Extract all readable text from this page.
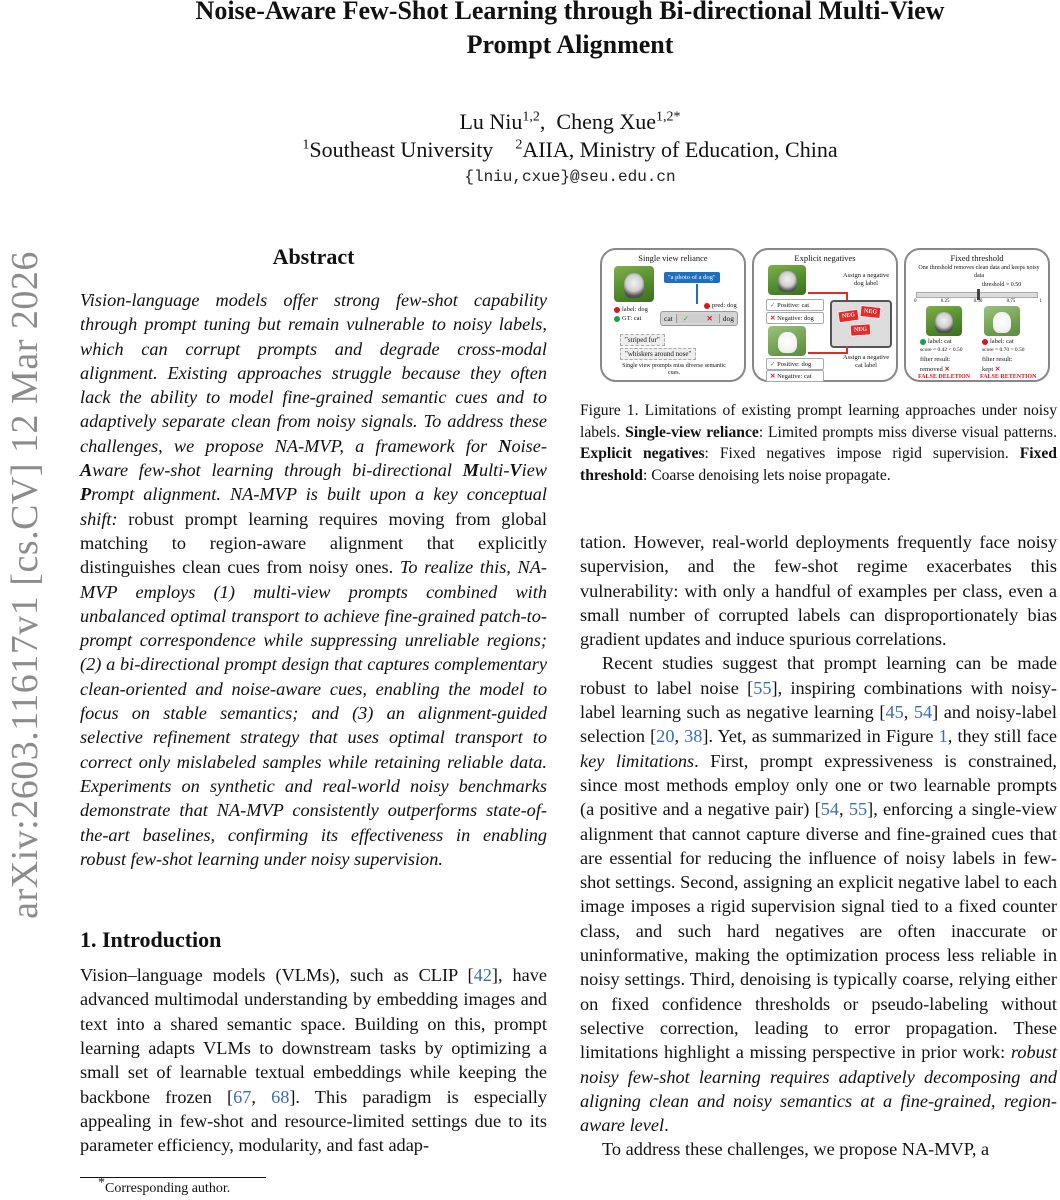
arXiv:2603.11617v1 [cs.CV] 12 Mar 2026
Noise-Aware Few-Shot Learning through Bi-directional Multi-View
Prompt Alignment
Lu Niu$^{1,2}$,  Cheng Xue$^{1,2*}$
$^1$Southeast University $^2$AIIA, Ministry of Education, China
{lniu,cxue}@seu.edu.cn
Abstract

Vision-language models offer strong few-shot capability through prompt tuning but remain vulnerable to noisy labels, which can corrupt prompts and degrade cross-modal alignment. Existing approaches struggle because they often lack the ability to model fine-grained semantic cues and to adaptively separate clean from noisy signals. To address these challenges, we propose NA-MVP, a framework for Noise-Aware few-shot learning through bi-directional Multi-View Prompt alignment. NA-MVP is built upon a key conceptual shift: robust prompt learning requires moving from global matching to region-aware alignment that explicitly distinguishes clean cues from noisy ones. To realize this, NA-MVP employs (1) multi-view prompts combined with unbalanced optimal transport to achieve fine-grained patch-to-prompt correspondence while suppressing unreliable regions; (2) a bi-directional prompt design that captures complementary clean-oriented and noise-aware cues, enabling the model to focus on stable semantics; and (3) an alignment-guided selective refinement strategy that uses optimal transport to correct only mislabeled samples while retaining reliable data. Experiments on synthetic and real-world noisy benchmarks demonstrate that NA-MVP consistently outperforms state-of-the-art baselines, confirming its effectiveness in enabling robust few-shot learning under noisy supervision.

1. Introduction

Vision–language models (VLMs), such as CLIP [42], have advanced multimodal understanding by embedding images and text into a shared semantic space. Building on this, prompt learning adapts VLMs to downstream tasks by optimizing a small set of learnable textual embeddings while keeping the backbone frozen [67, 68]. This paradigm is especially appealing in few-shot and resource-limited settings due to its parameter efficiency, modularity, and fast adap-

Single view reliance
"a photo of a dog"
label: dog
GT: cat
pred: dog
cat	✓	✕	dog
"striped fur"
"whiskers around nose"
Single view prompts miss diverse semantic cues.
Explicit negatives
Assign a negative dog label
✓ Positive: cat
✕ Negative: dog	NEG
NEG
NEG
Assign a negative cat label
✓ Positive: dog
✕ Negative: cat
Fixed threshold
One threshold removes clean data and keeps noisy data
threshold = 0.50
0	0.25	0.50	0.75	1
label: cat	label: cat
score = 0.42 < 0.50	score = 0.70 > 0.50
filter result:	filter result:
removed ✕	kept ✕
FALSE DELETION FALSE RETENTION

Figure 1. Limitations of existing prompt learning approaches under noisy labels. Single-view reliance: Limited prompts miss diverse visual patterns. Explicit negatives: Fixed negatives impose rigid supervision. Fixed threshold: Coarse denoising lets noise propagate.

tation. However, real-world deployments frequently face noisy supervision, and the few-shot regime exacerbates this vulnerability: with only a handful of examples per class, even a small number of corrupted labels can disproportionately bias gradient updates and induce spurious correlations.

Recent studies suggest that prompt learning can be made robust to label noise [55], inspiring combinations with noisy-label learning such as negative learning [45, 54] and noisy-label selection [20, 38]. Yet, as summarized in Figure 1, they still face key limitations. First, prompt expressiveness is constrained, since most methods employ only one or two learnable prompts (a positive and a negative pair) [54, 55], enforcing a single-view alignment that cannot capture diverse and fine-grained cues that are essential for reducing the influence of noisy labels in few-shot settings. Second, assigning an explicit negative label to each image imposes a rigid supervision signal tied to a fixed counter class, and such hard negatives are often inaccurate or uninformative, making the optimization process less reliable in noisy settings. Third, denoising is typically coarse, relying either on fixed confidence thresholds or pseudo-labeling without selective correction, leading to error propagation. These limitations highlight a missing perspective in prior work: robust noisy few-shot learning requires adaptively decomposing and aligning clean and noisy semantics at a fine-grained, region-aware level.

To address these challenges, we propose NA-MVP, a

*Corresponding author.
